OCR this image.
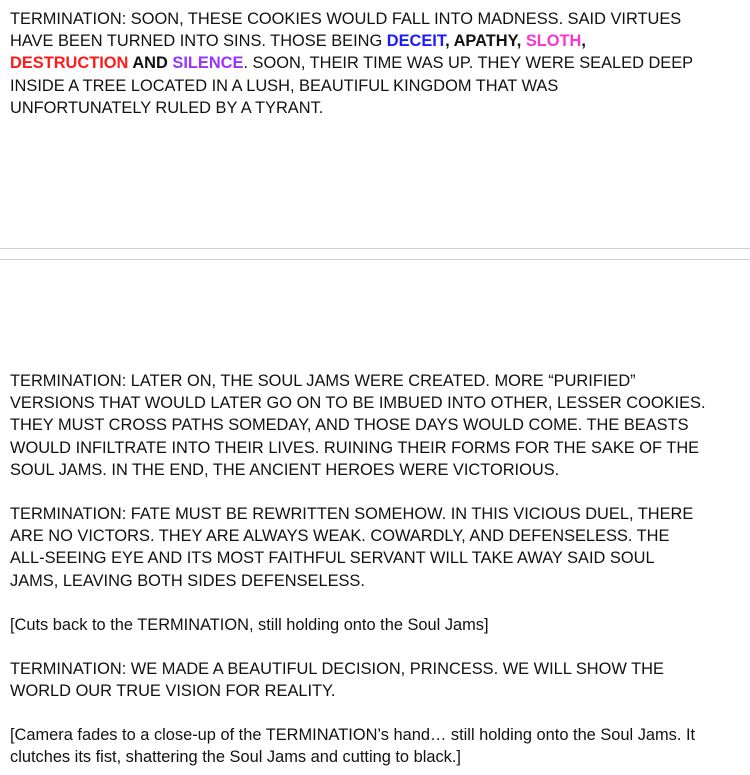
TERMINATION: SOON, THESE COOKIES WOULD FALL INTO MADNESS. SAID VIRTUES
HAVE BEEN TURNED INTO SINS. THOSE BEING DECEIT, APATHY, SLOTH,
DESTRUCTION AND SILENCE. SOON, THEIR TIME WAS UP. THEY WERE SEALED DEEP
INSIDE A TREE LOCATED IN A LUSH, BEAUTIFUL KINGDOM THAT WAS
UNFORTUNATELY RULED BY A TYRANT.
TERMINATION: LATER ON, THE SOUL JAMS WERE CREATED. MORE “PURIFIED”
VERSIONS THAT WOULD LATER GO ON TO BE IMBUED INTO OTHER, LESSER COOKIES.
THEY MUST CROSS PATHS SOMEDAY, AND THOSE DAYS WOULD COME. THE BEASTS
WOULD INFILTRATE INTO THEIR LIVES. RUINING THEIR FORMS FOR THE SAKE OF THE
SOUL JAMS. IN THE END, THE ANCIENT HEROES WERE VICTORIOUS.
TERMINATION: FATE MUST BE REWRITTEN SOMEHOW. IN THIS VICIOUS DUEL, THERE
ARE NO VICTORS. THEY ARE ALWAYS WEAK. COWARDLY, AND DEFENSELESS. THE
ALL-SEEING EYE AND ITS MOST FAITHFUL SERVANT WILL TAKE AWAY SAID SOUL
JAMS, LEAVING BOTH SIDES DEFENSELESS.
[Cuts back to the TERMINATION, still holding onto the Soul Jams]
TERMINATION: WE MADE A BEAUTIFUL DECISION, PRINCESS. WE WILL SHOW THE
WORLD OUR TRUE VISION FOR REALITY.
[Camera fades to a close-up of the TERMINATION’s hand… still holding onto the Soul Jams. It
clutches its fist, shattering the Soul Jams and cutting to black.]
